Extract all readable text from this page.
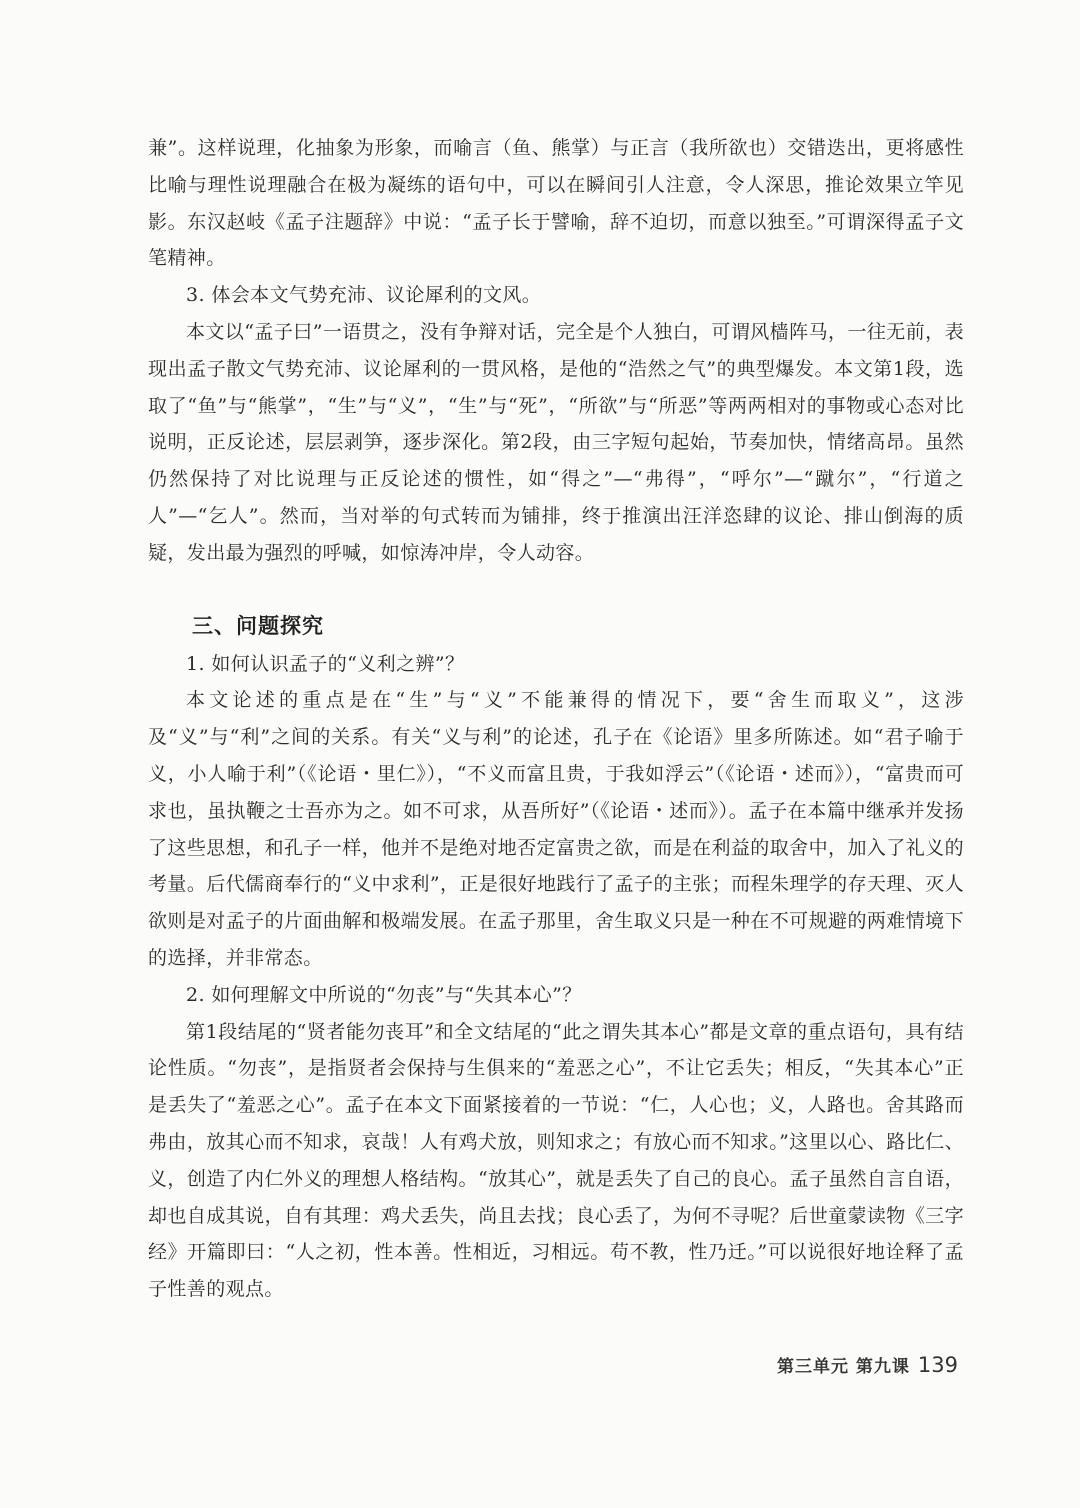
兼”。这样说理，化抽象为形象，而喻言（鱼、熊掌）与正言（我所欲也）交错迭出，更将感性比喻与理性说理融合在极为凝练的语句中，可以在瞬间引人注意，令人深思，推论效果立竿见影。东汉赵岐《孟子注题辞》中说：“孟子长于譬喻，辞不迫切，而意以独至。”可谓深得孟子文笔精神。

3. 体会本文气势充沛、议论犀利的文风。

本文以“孟子曰”一语贯之，没有争辩对话，完全是个人独白，可谓风樯阵马，一往无前，表现出孟子散文气势充沛、议论犀利的一贯风格，是他的“浩然之气”的典型爆发。本文第1段，选取了“鱼”与“熊掌”，“生”与“义”，“生”与“死”，“所欲”与“所恶”等两两相对的事物或心态对比说明，正反论述，层层剥笋，逐步深化。第2段，由三字短句起始，节奏加快，情绪高昂。虽然仍然保持了对比说理与正反论述的惯性，如“得之”—“弗得”，“呼尔”—“蹴尔”，“行道之人”—“乞人”。然而，当对举的句式转而为铺排，终于推演出汪洋恣肆的议论、排山倒海的质疑，发出最为强烈的呼喊，如惊涛冲岸，令人动容。

三、问题探究

1. 如何认识孟子的“义利之辨”？

本文论述的重点是在“生”与“义”不能兼得的情况下，要“舍生而取义”，这涉及“义”与“利”之间的关系。有关“义与利”的论述，孔子在《论语》里多所陈述。如“君子喻于义，小人喻于利”（《论语・里仁》），“不义而富且贵，于我如浮云”（《论语・述而》），“富贵而可求也，虽执鞭之士吾亦为之。如不可求，从吾所好”（《论语・述而》）。孟子在本篇中继承并发扬了这些思想，和孔子一样，他并不是绝对地否定富贵之欲，而是在利益的取舍中，加入了礼义的考量。后代儒商奉行的“义中求利”，正是很好地践行了孟子的主张；而程朱理学的存天理、灭人欲则是对孟子的片面曲解和极端发展。在孟子那里，舍生取义只是一种在不可规避的两难情境下的选择，并非常态。

2. 如何理解文中所说的“勿丧”与“失其本心”？

第1段结尾的“贤者能勿丧耳”和全文结尾的“此之谓失其本心”都是文章的重点语句，具有结论性质。“勿丧”，是指贤者会保持与生俱来的“羞恶之心”，不让它丢失；相反，“失其本心”正是丢失了“羞恶之心”。孟子在本文下面紧接着的一节说：“仁，人心也；义，人路也。舍其路而弗由，放其心而不知求，哀哉！人有鸡犬放，则知求之；有放心而不知求。”这里以心、路比仁、义，创造了内仁外义的理想人格结构。“放其心”，就是丢失了自己的良心。孟子虽然自言自语，却也自成其说，自有其理：鸡犬丢失，尚且去找；良心丢了，为何不寻呢？后世童蒙读物《三字经》开篇即曰：“人之初，性本善。性相近，习相远。苟不教，性乃迁。”可以说很好地诠释了孟子性善的观点。

第三单元 第九课 139
